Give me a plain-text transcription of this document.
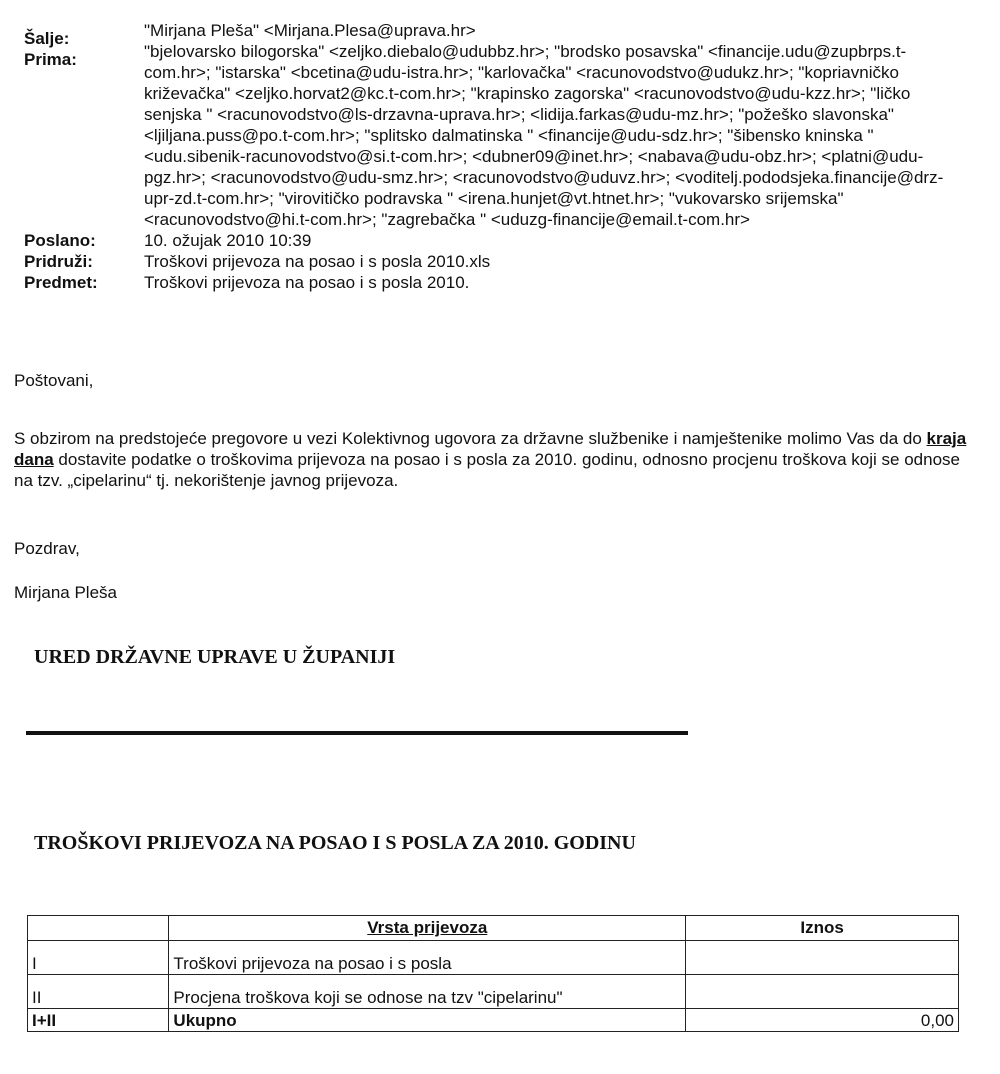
Šalje:	"Mirjana Pleša" <Mirjana.Plesa@uprava.hr>
Prima:	"bjelovarsko bilogorska" <zeljko.diebalo@udubbz.hr>; "brodsko posavska" <financije.udu@zupbrps.t-com.hr>; "istarska" <bcetina@udu-istra.hr>; "karlovačka" <racunovodstvo@udukz.hr>; "kopriavničko križevačka" <zeljko.horvat2@kc.t-com.hr>; "krapinsko zagorska" <racunovodstvo@udu-kzz.hr>; "ličko senjska " <racunovodstvo@ls-drzavna-uprava.hr>; <lidija.farkas@udu-mz.hr>; "požeško slavonska" <ljiljana.puss@po.t-com.hr>; "splitsko dalmatinska " <financije@udu-sdz.hr>; "šibensko kninska " <udu.sibenik-racunovodstvo@si.t-com.hr>; <dubner09@inet.hr>; <nabava@udu-obz.hr>; <platni@udu-pgz.hr>; <racunovodstvo@udu-smz.hr>; <racunovodstvo@uduvz.hr>; <voditelj.pododsjeka.financije@drz-upr-zd.t-com.hr>; "virovitičko podravska " <irena.hunjet@vt.htnet.hr>; "vukovarsko srijemska" <racunovodstvo@hi.t-com.hr>; "zagrebačka " <uduzg-financije@email.t-com.hr>
Poslano:	10. ožujak 2010 10:39
Pridruži:	Troškovi prijevoza na posao i s posla 2010.xls
Predmet:	Troškovi prijevoza na posao i s posla 2010.
Poštovani,
S obzirom na predstojeće pregovore u vezi Kolektivnog ugovora za državne službenike i namještenike molimo Vas da do kraja dana dostavite podatke o troškovima prijevoza na posao i s posla za 2010. godinu, odnosno procjenu troškova koji se odnose na tzv. „cipelarinu“ tj. nekorištenje javnog prijevoza.
Pozdrav,
Mirjana Pleša
URED DRŽAVNE UPRAVE U ŽUPANIJI
TROŠKOVI PRIJEVOZA NA POSAO I S POSLA ZA 2010. GODINU
	Vrsta prijevoza	Iznos
I	Troškovi prijevoza na posao i s posla	
II	Procjena troškova koji se odnose na tzv "cipelarinu"	
I+II	Ukupno	0,00
